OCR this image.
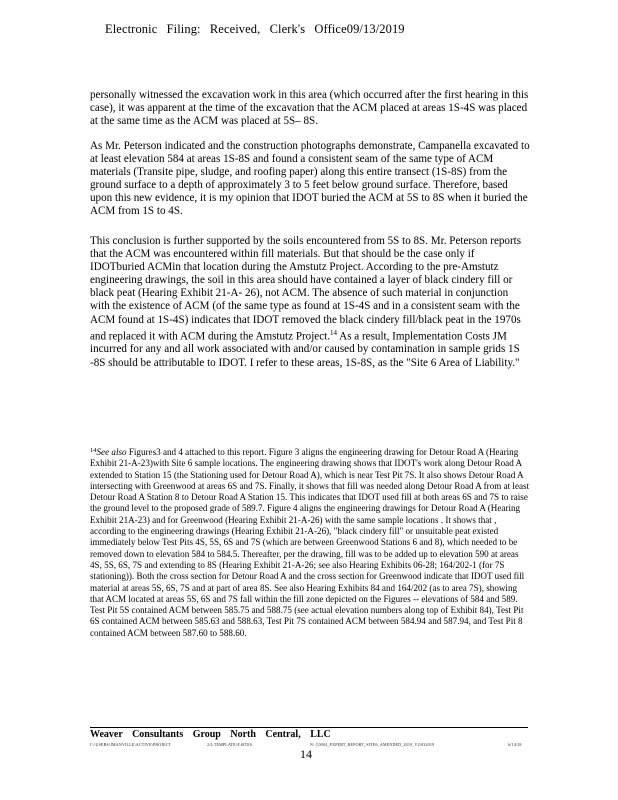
Electronic Filing: Received, Clerk's Office09/13/2019

personally witnessed the excavation work in this area (which occurred after the first hearing in this case), it was apparent at the time of the excavation that the ACM placed at areas 1S-4S was placed at the same time as the ACM was placed at 5S– 8S.

As Mr. Peterson indicated and the construction photographs demonstrate, Campanella excavated to at least elevation 584 at areas 1S-8S and found a consistent seam of the same type of ACM materials (Transite pipe, sludge, and roofing paper) along this entire transect (1S-8S) from the ground surface to a depth of approximately 3 to 5 feet below ground surface. Therefore, based upon this new evidence, it is my opinion that IDOT buried the ACM at 5S to 8S when it buried the ACM from 1S to 4S.

This conclusion is further supported by the soils encountered from 5S to 8S. Mr. Peterson reports that the ACM was encountered within fill materials. But that should be the case only if IDOTburied ACMin that location during the Amstutz Project. According to the pre-Amstutz engineering drawings, the soil in this area should have contained a layer of black cindery fill or black peat (Hearing Exhibit 21-A- 26), not ACM. The absence of such material in conjunction with the existence of ACM (of the same type as found at 1S-4S and in a consistent seam with the ACM found at 1S-4S) indicates that IDOT removed the black cindery fill/black peat in the 1970s and replaced it with ACM during the Amstutz Project.$^{14}$ As a result, Implementation Costs JM incurred for any and all work associated with and/or caused by contamination in sample grids 1S -8S should be attributable to IDOT. I refer to these areas, 1S-8S, as the "Site 6 Area of Liability."

$^{14}$See also Figures3 and 4 attached to this report. Figure 3 aligns the engineering drawing for Detour Road A (Hearing Exhibit 21-A-23)with Site 6 sample locations. The engineering drawing shows that IDOT's work along Detour Road A extended to Station 15 (the Stationing used for Detour Road A), which is near Test Pit 7S. It also shows Detour Road A intersecting with Greenwood at areas 6S and 7S. Finally, it shows that fill was needed along Detour Road A from at least Detour Road A Station 8 to Detour Road A Station 15. This indicates that IDOT used fill at both areas 6S and 7S to raise the ground level to the proposed grade of 589.7. Figure 4 aligns the engineering drawings for Detour Road A (Hearing Exhibit 21A-23) and for Greenwood (Hearing Exhibit 21-A-26) with the same sample locations . It shows that , according to the engineering drawings (Hearing Exhibit 21-A-26), "black cindery fill" or unsuitable peat existed immediately below Test Pits 4S, 5S, 6S and 7S (which are between Greenwood Stations 6 and 8), which needed to be removed down to elevation 584 to 584.5. Thereafter, per the drawing, fill was to be added up to elevation 590 at areas 4S, 5S, 6S, 7S and extending to 8S (Hearing Exhibit 21-A-26; see also Hearing Exhibits 06-28; 164/202-1 (for 7S stationing)). Both the cross section for Detour Road A and the cross section for Greenwood indicate that IDOT used fill material at areas 5S, 6S, 7S and at part of area 8S. See also Hearing Exhibits 84 and 164/202 (as to area 7S), showing that ACM located at areas 5S, 6S and 7S fall within the fill zone depicted on the Figures -- elevations of 584 and 589. Test Pit 5S contained ACM between 585.75 and 588.75 (see actual elevation numbers along top of Exhibit 84), Test Pit 6S contained ACM between 585.63 and 588.63, Test Pit 7S contained ACM between 584.94 and 587.94, and Test Pit 8 contained ACM between 587.60 to 588.60.
Weaver Consultants Group North Central, LLC
C:\USERS\JMANVILLE\ACTIVE\PROJECT	2/4 TEMPLATE\4\SITE6	N: C0004_EXPERT_REPORT_SITE6_AMENDED_2019_V2\032019	6/14/18
14
